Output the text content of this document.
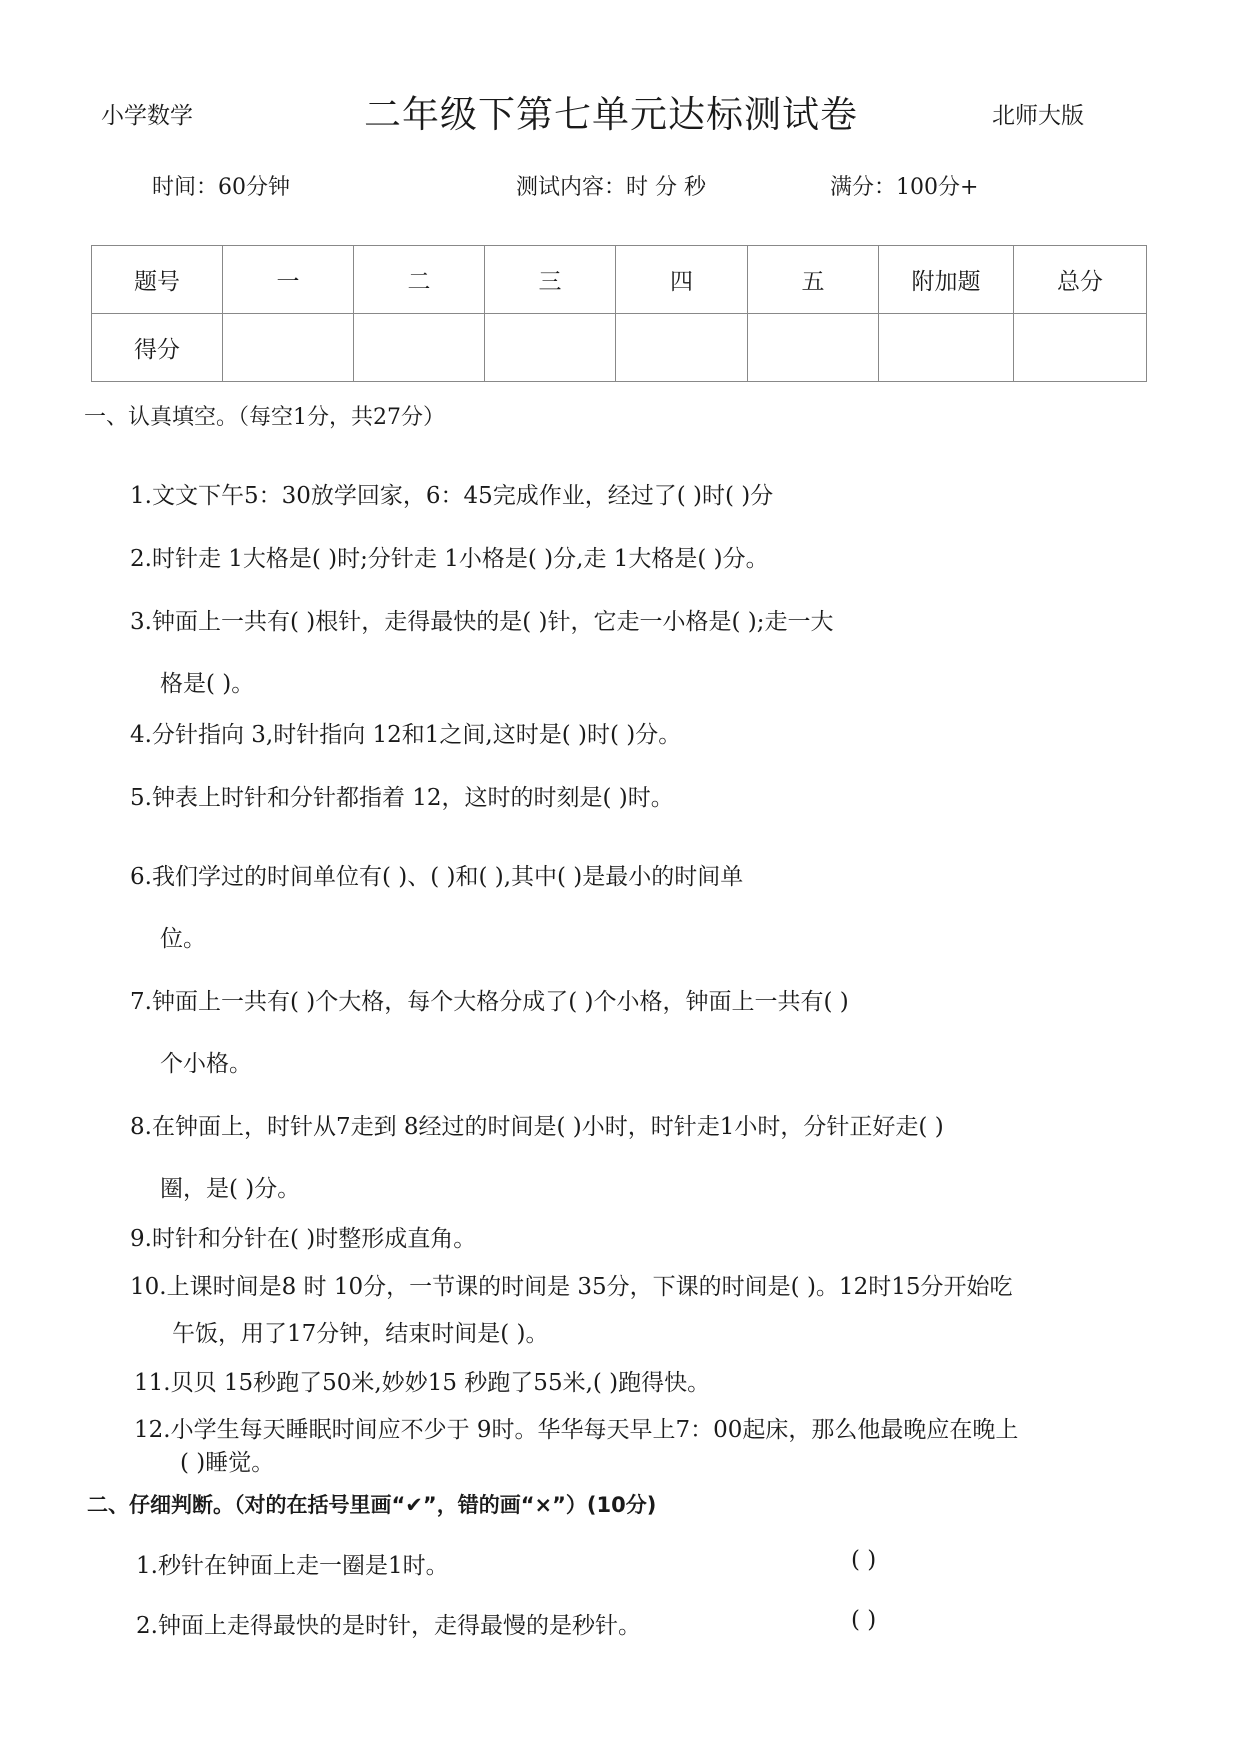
小学数学	二年级下第七单元达标测试卷	北师大版
时间：60分钟	测试内容：时 分 秒	满分：100分+
题号	一	二	三	四	五	附加题	总分
得分							
一、认真填空。（每空1分，共27分）
1.文文下午5：30放学回家，6：45完成作业，经过了( )时( )分
2.时针走 1大格是( )时;分针走 1小格是( )分,走 1大格是( )分。
3.钟面上一共有( )根针，走得最快的是( )针，它走一小格是( );走一大
格是( )。
4.分针指向 3,时针指向 12和1之间,这时是( )时( )分。
5.钟表上时针和分针都指着 12，这时的时刻是( )时。
6.我们学过的时间单位有( )、( )和( ),其中( )是最小的时间单
位。
7.钟面上一共有( )个大格，每个大格分成了( )个小格，钟面上一共有( )
个小格。
8.在钟面上，时针从7走到 8经过的时间是( )小时，时针走1小时，分针正好走( )
圈，是( )分。
9.时针和分针在( )时整形成直角。
10.上课时间是8 时 10分，一节课的时间是 35分，下课的时间是( )。12时15分开始吃
午饭，用了17分钟，结束时间是( )。
11.贝贝 15秒跑了50米,妙妙15 秒跑了55米,( )跑得快。
12.小学生每天睡眠时间应不少于 9时。华华每天早上7：00起床，那么他最晚应在晚上
( )睡觉。
二、仔细判断。（对的在括号里画“✔”，错的画“×”）(10分)
1.秒针在钟面上走一圈是1时。	( )
2.钟面上走得最快的是时针，走得最慢的是秒针。	( )
